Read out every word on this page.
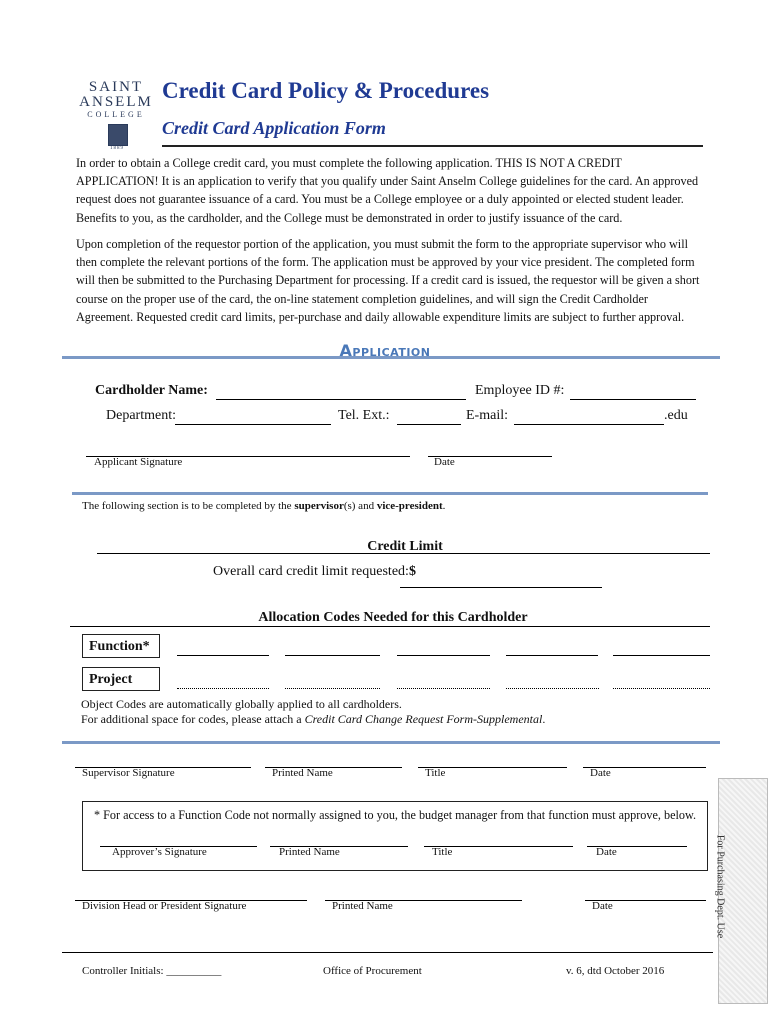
SAINT
ANSELM
COLLEGE
1889
Credit Card Policy & Procedures
Credit Card Application Form
In order to obtain a College credit card, you must complete the following application. THIS IS NOT A CREDIT APPLICATION! It is an application to verify that you qualify under Saint Anselm College guidelines for the card. An approved request does not guarantee issuance of a card. You must be a College employee or a duly appointed or elected student leader. Benefits to you, as the cardholder, and the College must be demonstrated in order to justify issuance of the card.
Upon completion of the requestor portion of the application, you must submit the form to the appropriate supervisor who will then complete the relevant portions of the form. The application must be approved by your vice president. The completed form will then be submitted to the Purchasing Department for processing. If a credit card is issued, the requestor will be given a short course on the proper use of the card, the on-line statement completion guidelines, and will sign the Credit Cardholder Agreement. Requested credit card limits, per-purchase and daily allowable expenditure limits are subject to further approval.
Application
Cardholder Name:	Employee ID #:
Department:	Tel. Ext.:	E-mail:	.edu
Applicant Signature	Date
The following section is to be completed by the supervisor(s) and vice-president.
Credit Limit
Overall card credit limit requested: $
Allocation Codes Needed for this Cardholder
Function*
Project
Object Codes are automatically globally applied to all cardholders.
For additional space for codes, please attach a Credit Card Change Request Form-Supplemental.
Supervisor Signature	Printed Name	Title	Date
* For access to a Function Code not normally assigned to you, the budget manager from that function must approve, below.
Approver’s Signature	Printed Name	Title	Date
Division Head or President Signature	Printed Name	Date
Controller Initials: __________	Office of Procurement	v. 6, dtd October 2016
For Purchasing Dept. Use
